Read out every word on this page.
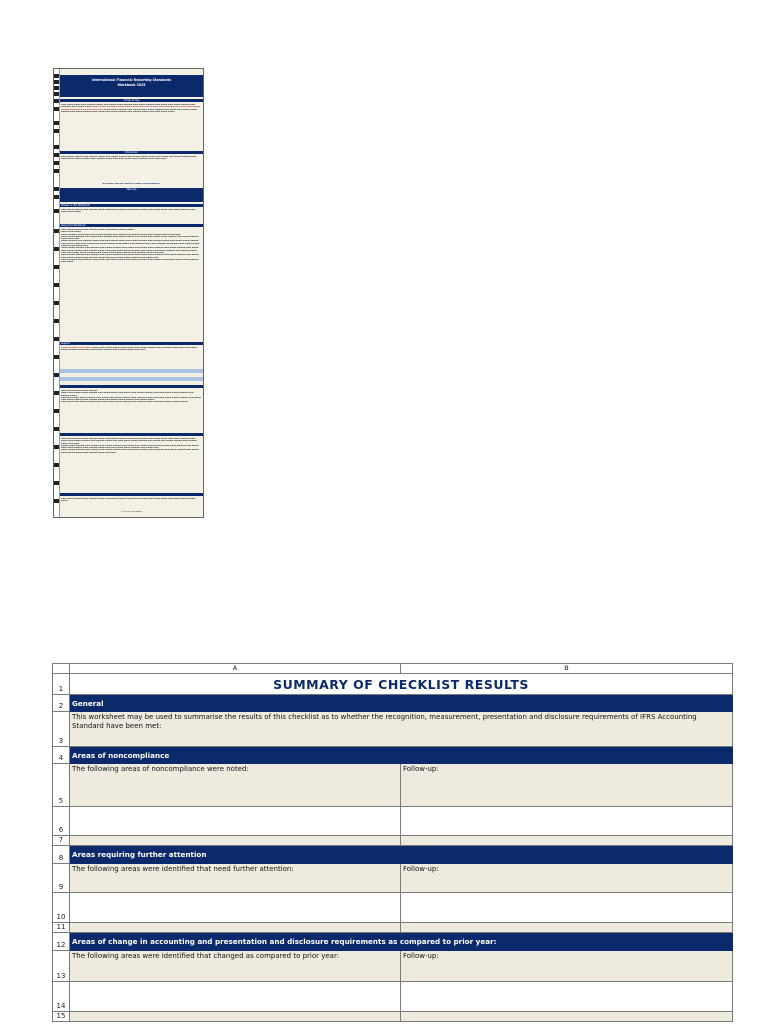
International Financial Reporting Standards
Workbook 2025
Scope of Use
▬▬▬ ▬▬▬▬ ▬▬▬▬ ▬▬▬ ▬▬▬▬▬ ▬▬▬▬ ▬▬▬ ▬▬▬▬ ▬▬▬▬ ▬▬▬▬▬ ▬▬▬ ▬▬▬▬ ▬▬▬▬▬ ▬▬▬ ▬▬▬▬ ▬▬▬ ▬▬▬▬ ▬▬▬▬▬ ▬▬▬ ▬▬▬▬▬▬ ▬▬▬ ▬▬▬▬ ▬▬▬▬ ▬▬▬▬ ▬▬▬▬ ▬▬▬▬▬▬ ▬▬▬ ▬▬▬▬ ▬▬▬▬▬ ▬▬▬ ▬▬▬▬ ▬▬▬ ▬▬▬▬ ▬▬▬▬▬ ▬▬▬ ▬▬▬▬ ▬▬▬ ▬▬▬▬ ▬▬▬▬▬ ▬▬▬ ▬▬▬▬▬ ▬▬▬▬ ▬▬▬ ▬▬▬ ▬▬▬▬ ▬▬▬▬ ▬▬▬▬▬ ▬▬▬ ▬▬▬▬▬ ▬▬▬ ▬▬▬▬ ▬▬▬▬▬ ▬▬▬ ▬▬▬▬ ▬▬▬ ▬▬▬▬ ▬▬▬▬ ▬▬▬▬▬ ▬▬▬ ▬▬▬▬ ▬▬▬▬▬ ▬▬▬ ▬▬▬▬ ▬▬▬ ▬▬▬▬ ▬▬▬▬▬ ▬▬▬ ▬▬▬▬▬ ▬▬▬▬ ▬▬▬ ▬▬▬ ▬▬▬▬ ▬▬▬▬
Disclaimer
▬▬▬ ▬▬▬▬ ▬▬▬▬▬ ▬▬▬ ▬▬▬▬▬ ▬▬▬▬ ▬▬▬ ▬▬▬▬ ▬▬▬▬ ▬▬▬▬▬ ▬▬▬ ▬▬▬▬ ▬▬▬▬ ▬▬▬ ▬▬▬▬ ▬▬▬ ▬▬▬▬ ▬▬▬▬▬ ▬▬▬ ▬▬▬▬ ▬▬▬ ▬▬▬▬ ▬▬▬▬▬ ▬▬▬ ▬▬▬▬▬ ▬▬▬▬ ▬▬▬ ▬▬▬ ▬▬▬▬ ▬▬▬▬ ▬▬▬▬▬ ▬▬▬ ▬▬▬▬ ▬▬▬
IMPORTANT INSTRUCTIONS FOR USING THIS WORKBOOK
Warning
Sheets in this Workbook
▬▬▬ ▬▬▬▬ ▬▬▬▬▬ ▬▬▬ ▬▬▬▬▬ ▬▬▬▬ ▬▬▬ ▬▬▬▬ ▬▬▬▬ ▬▬▬▬▬ ▬▬▬ ▬▬▬▬ ▬▬▬▬ ▬▬▬ ▬▬▬▬ ▬▬▬ ▬▬▬▬ ▬▬▬▬▬ ▬▬▬ ▬▬▬▬ ▬▬▬ ▬▬▬▬
Using this Workbook
▬▬▬ ▬▬▬▬ ▬▬▬▬▬ ▬▬▬ ▬▬▬▬▬ ▬▬▬▬ ▬▬▬ ▬▬▬▬ ▬▬▬▬ ▬▬▬▬▬
▬▬▬▬ ▬▬▬ ▬▬▬▬
▬▬▬▬ ▬▬▬▬▬ ▬▬▬ ▬▬▬▬ ▬▬▬ ▬▬▬▬ ▬▬▬▬▬ ▬▬▬ ▬▬▬▬ ▬▬▬ ▬▬▬▬ ▬▬▬▬▬ ▬▬▬ ▬▬▬▬▬ ▬▬▬▬ ▬▬▬ ▬▬▬
▬▬▬▬ ▬▬▬▬ ▬▬▬▬▬ ▬▬▬ ▬▬▬▬ ▬▬▬ ▬▬▬▬▬ ▬▬▬ ▬▬▬▬ ▬▬▬▬▬ ▬▬▬ ▬▬▬▬ ▬▬▬ ▬▬▬▬ ▬▬▬▬ ▬▬▬▬▬ ▬▬▬ ▬▬▬▬ ▬▬▬▬▬ ▬▬▬ ▬▬▬▬ ▬▬▬
▬▬▬▬ ▬▬▬▬▬ ▬▬▬ ▬▬▬▬▬ ▬▬▬▬ ▬▬▬ ▬▬▬ ▬▬▬▬ ▬▬▬▬ ▬▬▬ ▬▬▬▬ ▬▬▬▬▬ ▬▬▬ ▬▬▬▬▬ ▬▬▬▬ ▬▬▬ ▬▬▬▬ ▬▬▬▬ ▬▬▬▬▬ ▬▬▬ ▬▬▬▬ ▬▬▬▬ ▬▬▬ ▬▬▬▬ ▬▬▬ ▬▬▬▬ ▬▬▬▬▬ ▬▬▬ ▬▬▬▬ ▬▬▬ ▬▬▬▬ ▬▬▬▬▬ ▬▬▬ ▬▬▬▬▬ ▬▬▬▬ ▬▬▬ ▬▬▬ ▬▬▬▬ ▬▬▬▬ ▬▬▬▬▬ ▬▬▬ ▬▬▬▬ ▬▬▬
▬▬▬▬ ▬▬▬▬ ▬▬▬▬▬ ▬▬▬ ▬▬▬▬▬ ▬▬▬ ▬▬▬▬ ▬▬▬▬▬ ▬▬▬ ▬▬▬▬ ▬▬▬ ▬▬▬▬ ▬▬▬▬ ▬▬▬▬▬ ▬▬▬ ▬▬▬▬ ▬▬▬▬▬ ▬▬▬ ▬▬▬▬ ▬▬▬ ▬▬▬▬ ▬▬▬▬▬ ▬▬▬ ▬▬▬▬▬ ▬▬▬▬ ▬▬▬ ▬▬▬ ▬▬▬▬ ▬▬▬▬ ▬▬▬▬▬ ▬▬▬ ▬▬▬▬ ▬▬▬ ▬▬▬▬ ▬▬▬▬▬ ▬▬▬ ▬▬▬▬▬ ▬▬▬▬ ▬▬▬ ▬▬▬ ▬▬▬▬ ▬▬▬▬ ▬▬▬▬▬ ▬▬▬ ▬▬▬▬ ▬▬▬ ▬▬▬▬ ▬▬▬▬▬ ▬▬▬ ▬▬▬▬▬ ▬▬▬▬ ▬▬▬ ▬▬▬
▬▬▬▬ ▬▬▬▬ ▬▬▬▬▬ ▬▬▬ ▬▬▬▬▬ ▬▬▬ ▬▬▬▬ ▬▬▬▬▬ ▬▬▬ ▬▬▬▬ ▬▬▬ ▬▬▬▬ ▬▬▬▬ ▬▬▬▬▬ ▬▬▬ ▬▬▬▬ ▬▬▬▬▬ ▬▬▬ ▬▬▬▬ ▬▬▬ ▬▬▬▬ ▬▬▬▬▬ ▬▬▬ ▬▬▬▬▬ ▬▬▬▬ ▬▬▬ ▬▬▬ ▬▬▬▬ ▬▬▬▬ ▬▬▬▬▬ ▬▬▬ ▬▬▬▬ ▬▬▬
▬▬▬▬ ▬▬▬▬▬ ▬▬▬ ▬▬▬▬▬ ▬▬▬▬ ▬▬▬ ▬▬▬ ▬▬▬▬ ▬▬▬▬ ▬▬▬ ▬▬▬▬ ▬▬▬▬▬ ▬▬▬ ▬▬▬▬▬ ▬▬▬▬ ▬▬▬ ▬▬▬▬ ▬▬▬▬ ▬▬▬▬▬ ▬▬▬ ▬▬▬▬
Legend
▬▬▬▬ ▬▬▬▬▬▬ ▬▬▬ ▬▬▬▬ ▬▬▬▬ ▬▬▬ ▬▬▬▬ ▬▬▬▬▬ ▬▬▬ ▬▬▬▬ ▬▬▬ ▬▬▬▬ ▬▬▬▬▬ ▬▬▬ ▬▬▬▬▬ ▬▬▬▬ ▬▬▬ ▬▬▬ ▬▬▬▬ ▬▬▬▬ ▬▬▬▬▬ ▬▬▬ ▬▬▬▬ ▬▬▬ ▬▬▬▬ ▬▬▬▬▬ ▬▬▬ ▬▬▬▬▬ ▬▬▬▬ ▬▬▬ ▬▬▬
▬▬▬ ▬▬▬▬ ▬▬▬▬▬ ▬▬▬ ▬▬▬▬▬
▬▬▬▬ ▬▬▬ ▬▬▬▬ ▬▬▬▬ ▬▬▬▬▬ ▬▬▬ ▬▬▬▬ ▬▬▬▬ ▬▬▬ ▬▬▬▬ ▬▬▬ ▬▬▬▬ ▬▬▬▬▬ ▬▬▬ ▬▬▬▬ ▬▬▬ ▬▬▬▬ ▬▬▬▬▬ ▬▬▬ ▬▬▬▬▬ ▬▬▬▬
▬▬▬ ▬▬▬ ▬▬▬▬ ▬▬▬▬ ▬▬▬▬▬ ▬▬▬ ▬▬▬▬ ▬▬▬ ▬▬▬▬ ▬▬▬▬▬ ▬▬▬ ▬▬▬▬▬ ▬▬▬▬ ▬▬▬ ▬▬▬ ▬▬▬▬ ▬▬▬▬ ▬▬▬▬▬ ▬▬▬ ▬▬▬▬
▬▬▬ ▬▬▬▬ ▬▬▬▬▬ ▬▬▬ ▬▬▬▬▬ ▬▬▬▬ ▬▬▬ ▬▬▬▬ ▬▬▬▬ ▬▬▬▬▬ ▬▬▬ ▬▬▬▬ ▬▬▬▬
▬▬▬ ▬▬▬▬ ▬▬▬ ▬▬▬▬ ▬▬▬▬▬ ▬▬▬ ▬▬▬▬ ▬▬▬ ▬▬▬▬ ▬▬▬▬▬ ▬▬▬ ▬▬▬▬▬ ▬▬▬▬ ▬▬▬ ▬▬▬ ▬▬▬▬ ▬▬▬▬ ▬▬▬▬▬
▬▬▬ ▬▬▬▬ ▬▬▬▬▬ ▬▬▬ ▬▬▬▬▬ ▬▬▬▬ ▬▬▬ ▬▬▬▬ ▬▬▬▬ ▬▬▬▬▬ ▬▬▬ ▬▬▬▬ ▬▬▬▬ ▬▬▬ ▬▬▬▬ ▬▬▬ ▬▬▬▬ ▬▬▬▬▬ ▬▬▬ ▬▬▬▬ ▬▬▬ ▬▬▬▬ ▬▬▬▬▬ ▬▬▬ ▬▬▬▬▬ ▬▬▬▬ ▬▬▬ ▬▬▬ ▬▬▬▬ ▬▬▬▬ ▬▬▬▬▬ ▬▬▬ ▬▬▬▬ ▬▬▬ ▬▬▬▬ ▬▬▬▬▬ ▬▬▬ ▬▬▬▬▬ ▬▬▬▬ ▬▬▬ ▬▬▬
▬▬▬▬ ▬▬▬▬ ▬▬▬▬▬ ▬▬▬ ▬▬▬▬▬ ▬▬▬ ▬▬▬▬ ▬▬▬▬▬ ▬▬▬ ▬▬▬▬ ▬▬▬ ▬▬▬▬ ▬▬▬▬ ▬▬▬▬▬ ▬▬▬ ▬▬▬▬ ▬▬▬▬▬ ▬▬▬ ▬▬▬▬ ▬▬▬ ▬▬▬▬ ▬▬▬▬▬ ▬▬▬ ▬▬▬▬▬ ▬▬▬▬ ▬▬▬ ▬▬▬ ▬▬▬▬ ▬▬▬▬ ▬▬▬▬▬ ▬▬▬ ▬▬▬▬ ▬▬▬
▬▬▬▬ ▬▬▬▬ ▬▬▬▬▬ ▬▬▬ ▬▬▬▬▬ ▬▬▬ ▬▬▬▬ ▬▬▬▬▬ ▬▬▬ ▬▬▬▬ ▬▬▬ ▬▬▬▬ ▬▬▬▬ ▬▬▬▬▬ ▬▬▬ ▬▬▬▬ ▬▬▬▬▬ ▬▬▬ ▬▬▬▬ ▬▬▬ ▬▬▬▬ ▬▬▬▬▬ ▬▬▬ ▬▬▬▬▬ ▬▬▬▬ ▬▬▬ ▬▬▬
▬▬▬ ▬▬▬▬ ▬▬▬▬▬ ▬▬▬ ▬▬▬▬▬ ▬▬▬▬ ▬▬▬ ▬▬▬▬ ▬▬▬▬ ▬▬▬▬▬ ▬▬▬ ▬▬▬▬ ▬▬▬▬ ▬▬▬ ▬▬▬▬ ▬▬▬ ▬▬▬▬ ▬▬▬▬▬ ▬▬▬ ▬▬▬▬
© 2025 IFRS Foundation
	A	B
1	SUMMARY OF CHECKLIST RESULTS	
2	General	
3	This worksheet may be used to summarise the results of this checklist as to whether the recognition, measurement, presentation and disclosure requirements of IFRS Accounting Standard have been met:	
4	Areas of noncompliance	
5	The following areas of noncompliance were noted:	Follow-up:
6		
7		
8	Areas requiring further attention	
9	The following areas were identified that need further attention:	Follow-up:
10		
11		
12	Areas of change in accounting and presentation and disclosure requirements as compared to prior year:	
13	The following areas were identified that changed as compared to prior year:	Follow-up:
14		
15		
